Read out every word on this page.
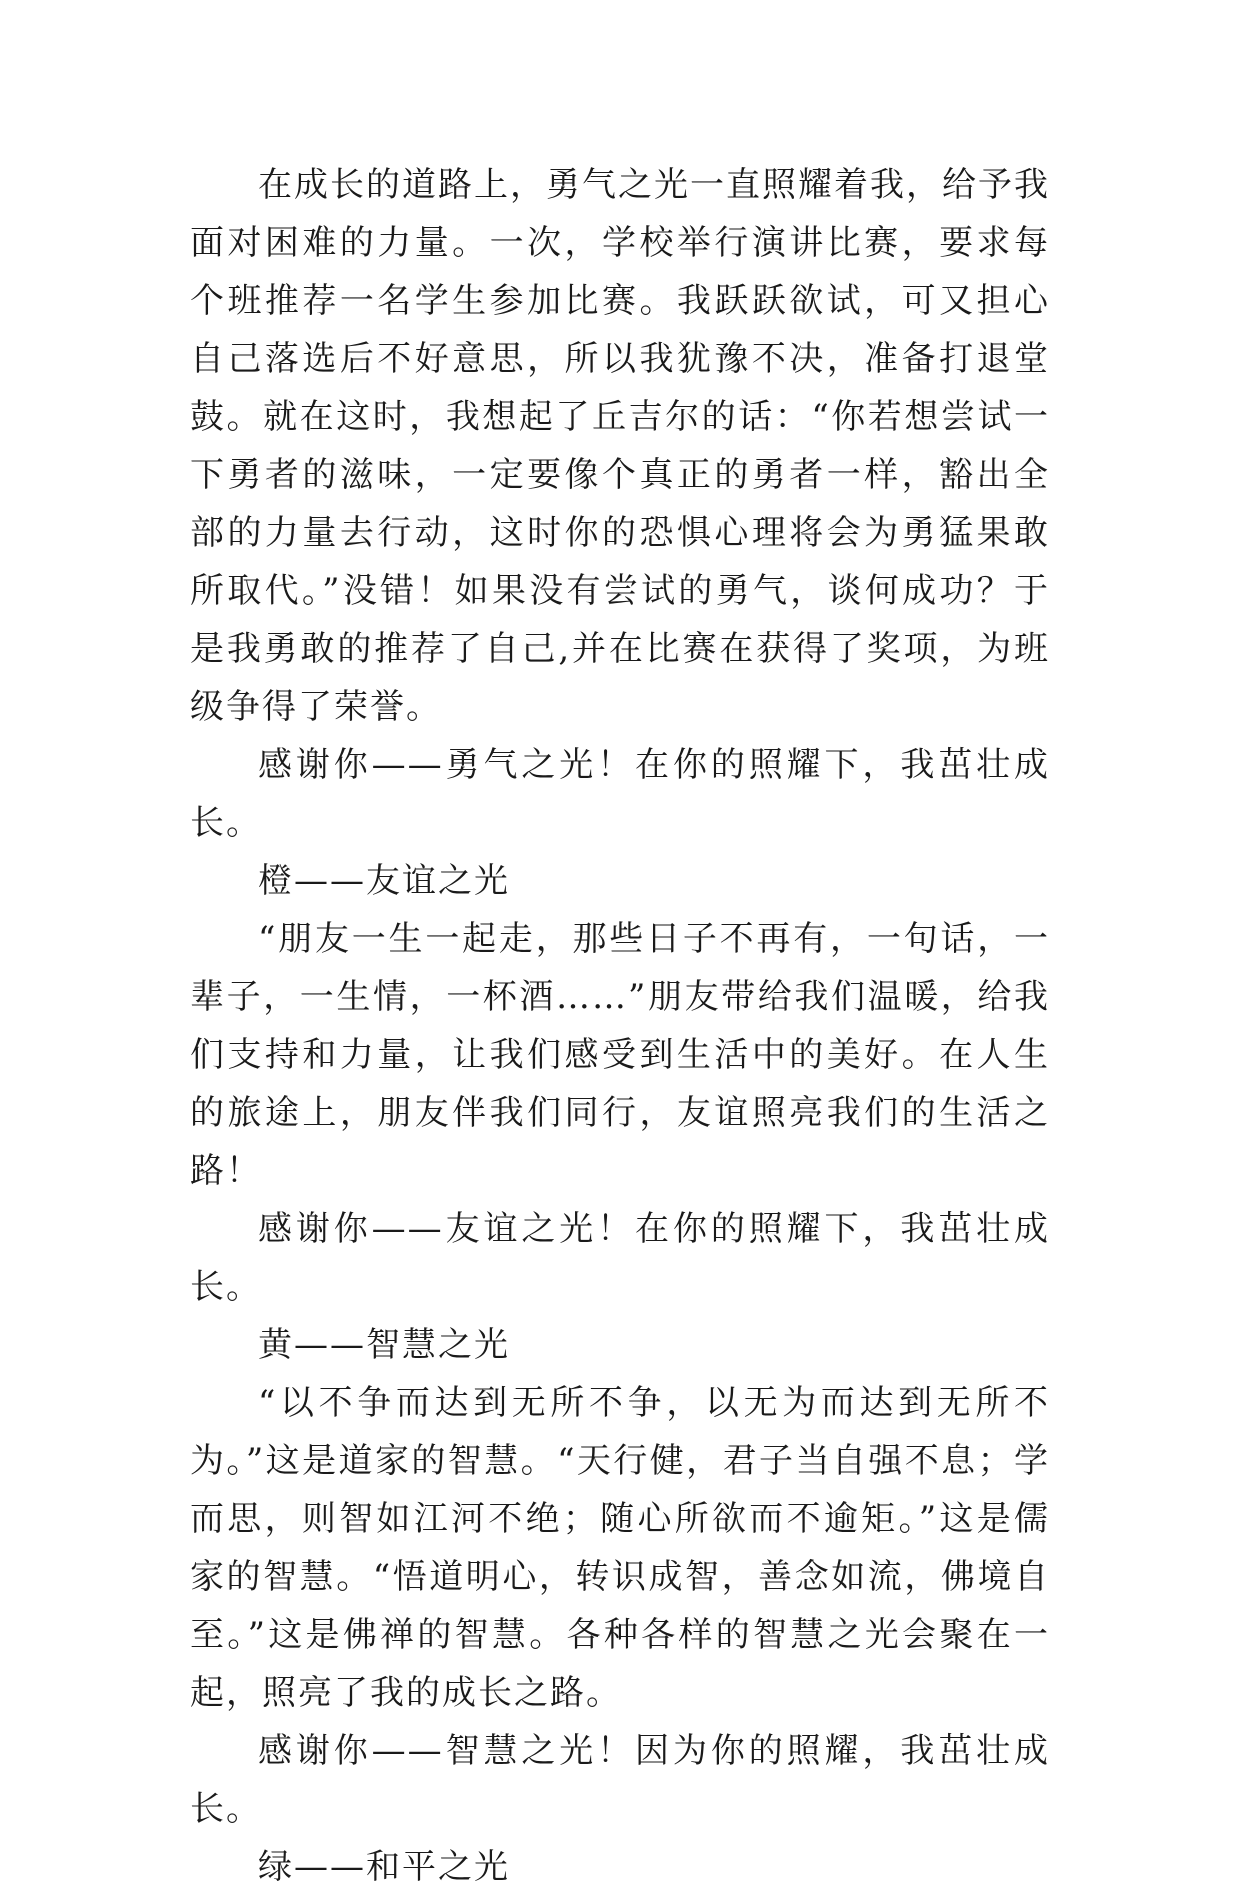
在成长的道路上，勇气之光一直照耀着我，给予我面对困难的力量。一次，学校举行演讲比赛，要求每个班推荐一名学生参加比赛。我跃跃欲试，可又担心自己落选后不好意思，所以我犹豫不决，准备打退堂鼓。就在这时，我想起了丘吉尔的话：“你若想尝试一下勇者的滋味，一定要像个真正的勇者一样，豁出全部的力量去行动，这时你的恐惧心理将会为勇猛果敢所取代。”没错！如果没有尝试的勇气，谈何成功？于是我勇敢的推荐了自己,并在比赛在获得了奖项，为班级争得了荣誉。

感谢你——勇气之光！在你的照耀下，我茁壮成长。

橙——友谊之光

“朋友一生一起走，那些日子不再有，一句话，一辈子，一生情，一杯酒……”朋友带给我们温暖，给我们支持和力量，让我们感受到生活中的美好。在人生的旅途上，朋友伴我们同行，友谊照亮我们的生活之路！

感谢你——友谊之光！在你的照耀下，我茁壮成长。

黄——智慧之光

“以不争而达到无所不争，以无为而达到无所不为。”这是道家的智慧。“天行健，君子当自强不息；学而思，则智如江河不绝；随心所欲而不逾矩。”这是儒家的智慧。“悟道明心，转识成智，善念如流，佛境自至。”这是佛禅的智慧。各种各样的智慧之光会聚在一起，照亮了我的成长之路。

感谢你——智慧之光！因为你的照耀，我茁壮成长。

绿——和平之光
